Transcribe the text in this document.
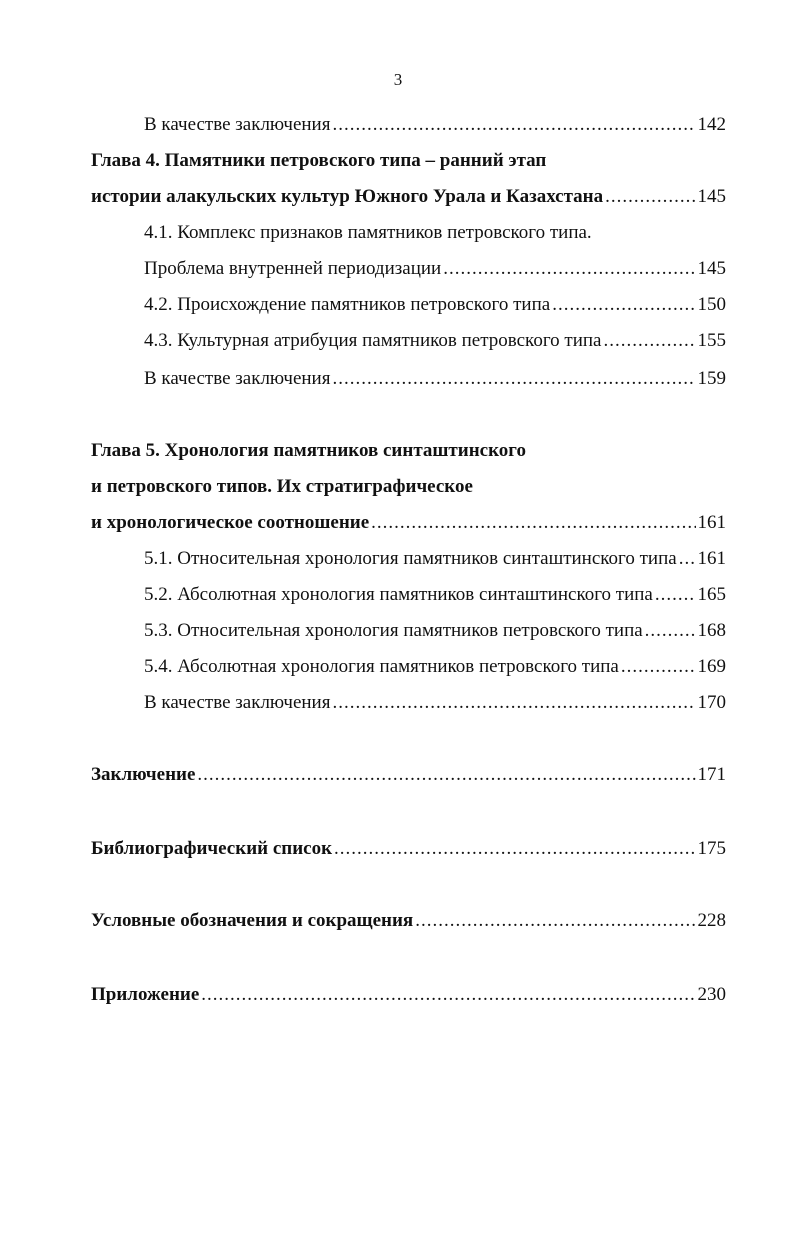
3
В качестве заключения .....	142
Глава 4. Памятники петровского типа – ранний этап
истории алакульских культур Южного Урала и Казахстана .....	145
4.1. Комплекс признаков памятников петровского типа.
Проблема внутренней периодизации .....	145
4.2. Происхождение памятников петровского типа .....	150
4.3. Культурная атрибуция памятников петровского типа .....	155
В качестве заключения .....	159
Глава 5. Хронология памятников синташтинского
и петровского типов. Их стратиграфическое
и хронологическое соотношение .....	161
5.1. Относительная хронология памятников синташтинского типа ..... 161
5.2. Абсолютная хронология памятников синташтинского типа ..... 165
5.3. Относительная хронология памятников петровского типа .....	168
5.4. Абсолютная хронология памятников петровского типа .....	169
В качестве заключения .....	170
Заключение .....	171
Библиографический список .....	175
Условные обозначения и сокращения .....	228
Приложение .....	230
